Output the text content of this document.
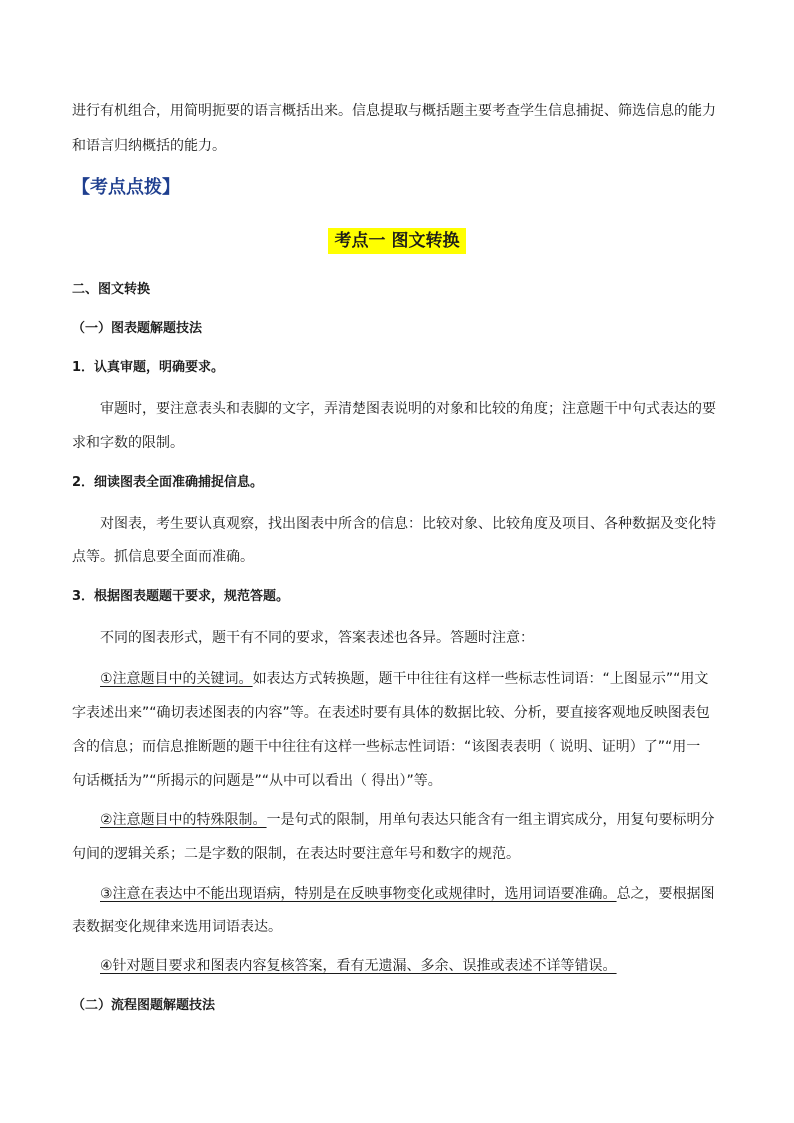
进行有机组合，用简明扼要的语言概括出来。信息提取与概括题主要考查学生信息捕捉、筛选信息的能力
和语言归纳概括的能力。
【考点点拨】
考点一 图文转换
二、图文转换
（一）图表题解题技法
1．认真审题，明确要求。
审题时，要注意表头和表脚的文字，弄清楚图表说明的对象和比较的角度；注意题干中句式表达的要
求和字数的限制。
2．细读图表全面准确捕捉信息。
对图表，考生要认真观察，找出图表中所含的信息：比较对象、比较角度及项目、各种数据及变化特
点等。抓信息要全面而准确。
3．根据图表题题干要求，规范答题。
不同的图表形式，题干有不同的要求，答案表述也各异。答题时注意：
①注意题目中的关键词。如表达方式转换题，题干中往往有这样一些标志性词语：“上图显示”“用文
字表述出来”“确切表述图表的内容”等。在表述时要有具体的数据比较、分析，要直接客观地反映图表包
含的信息；而信息推断题的题干中往往有这样一些标志性词语：“该图表表明（ 说明、证明）了”“用一
句话概括为”“所揭示的问题是”“从中可以看出（ 得出）”等。
②注意题目中的特殊限制。一是句式的限制，用单句表达只能含有一组主谓宾成分，用复句要标明分
句间的逻辑关系；二是字数的限制，在表达时要注意年号和数字的规范。
③注意在表达中不能出现语病，特别是在反映事物变化或规律时，选用词语要准确。总之，要根据图
表数据变化规律来选用词语表达。
④针对题目要求和图表内容复核答案，看有无遗漏、多余、误推或表述不详等错误。
（二）流程图题解题技法
